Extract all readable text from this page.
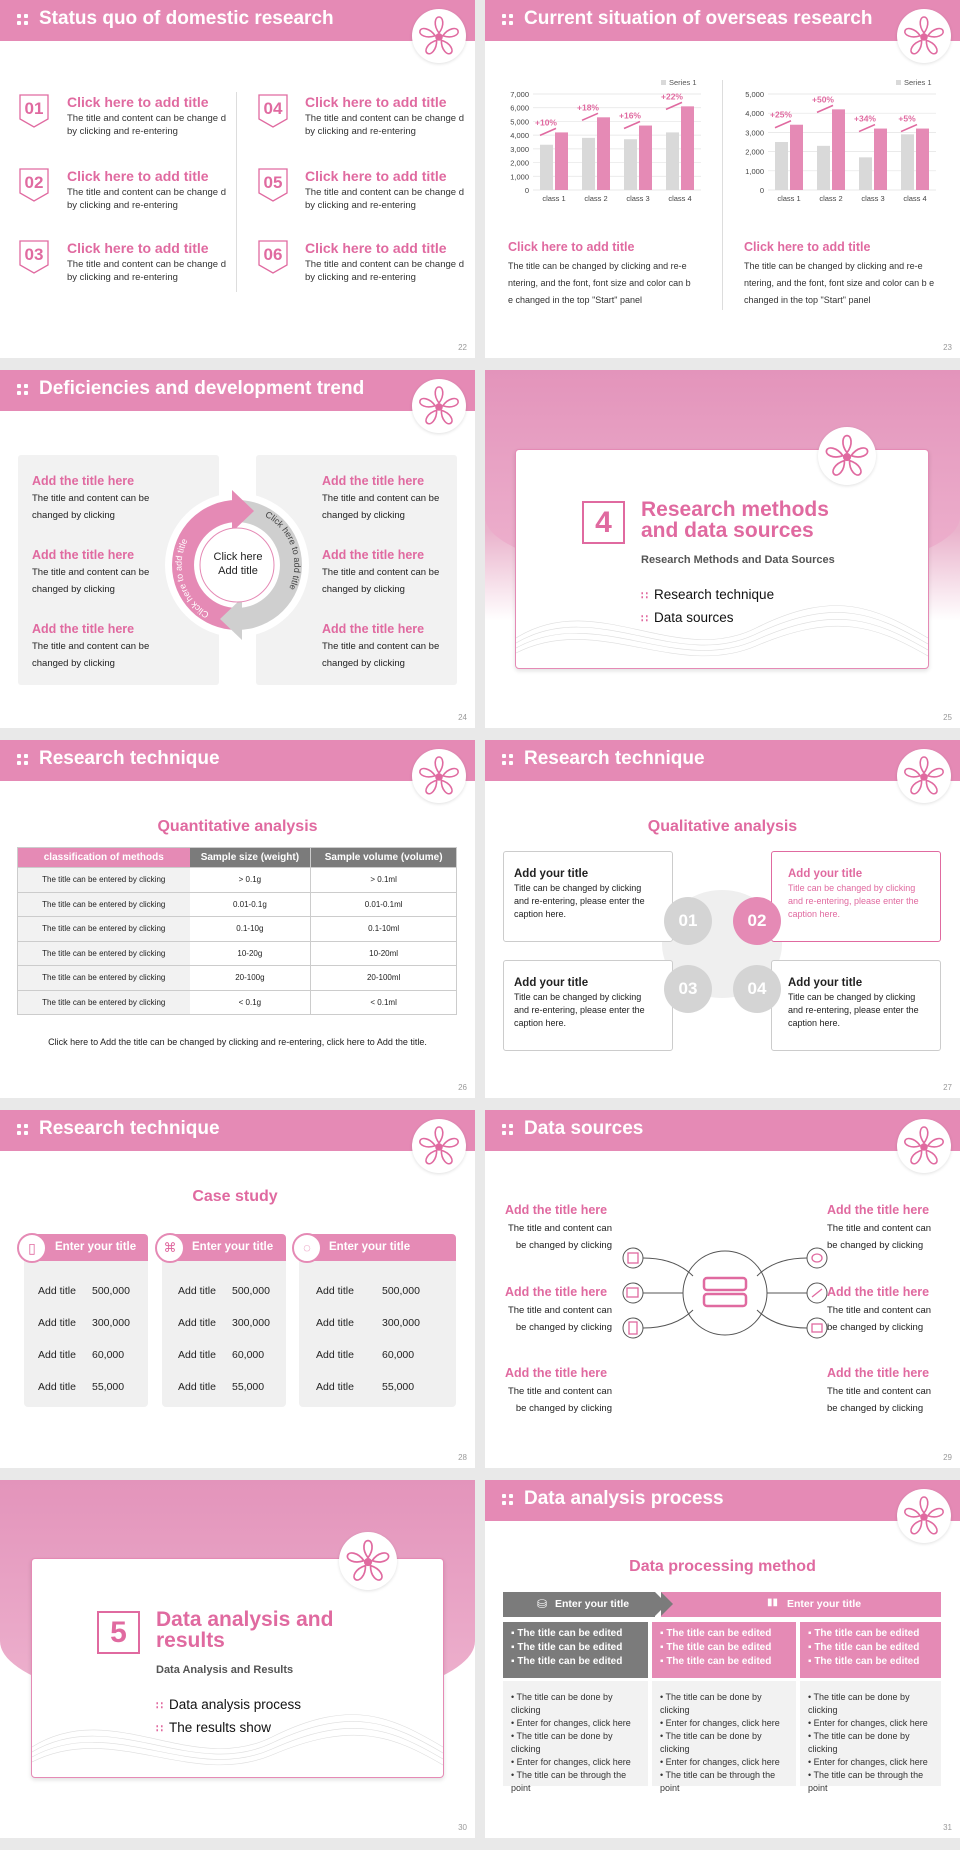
Status quo of domestic research
01	Click here to add title
The title and content can be change d by clicking and re-entering
02	Click here to add title
The title and content can be change d by clicking and re-entering
03	Click here to add title
The title and content can be change d by clicking and re-entering
04	Click here to add title
The title and content can be change d by clicking and re-entering
05	Click here to add title
The title and content can be change d by clicking and re-entering
06	Click here to add title
The title and content can be change d by clicking and re-entering
22
Current situation of overseas research
0
1,000
2,000
3,000
4,000
5,000
6,000
7,000
class 1
+10%
class 2
+18%
class 3
+16%
class 4
+22%
Series 1
0
1,000
2,000
3,000
4,000
5,000
class 1
+25%
class 2
+50%
class 3
+34%
class 4
+5%
Series 1
Click here to add title
The title can be changed by clicking and re-e ntering, and the font, font size and color can b e changed in the top "Start" panel
Click here to add title
The title can be changed by clicking and re-e ntering, and the font, font size and color can b e changed in the top "Start" panel
23
Deficiencies and development trend
Add the title here
The title and content can be changed by clicking
Add the title here
The title and content can be changed by clicking
Add the title here
The title and content can be changed by clicking
Add the title here
The title and content can be changed by clicking
Add the title here
The title and content can be changed by clicking
Add the title here
The title and content can be changed by clicking
Click here to add title
Click here to add title
Click here Add title
24
4	Research methods and data sources
Research Methods and Data Sources
∷ Research technique
∷ Data sources
25
Research technique
Quantitative analysis
classification of methods	Sample size (weight)	Sample volume (volume)
The title can be entered by clicking	> 0.1g	> 0.1ml
The title can be entered by clicking	0.01-0.1g	0.01-0.1ml
The title can be entered by clicking	0.1-10g	0.1-10ml
The title can be entered by clicking	10-20g	10-20ml
The title can be entered by clicking	20-100g	20-100ml
The title can be entered by clicking	< 0.1g	< 0.1ml
Click here to Add the title can be changed by clicking and re-entering, click here to Add the title.
26
Research technique
Qualitative analysis
Add your title
Title can be changed by clicking and re-entering, please enter the caption here.
Add your title
Title can be changed by clicking and re-entering, please enter the caption here.
Add your title
Title can be changed by clicking and re-entering, please enter the caption here.
Add your title
Title can be changed by clicking and re-entering, please enter the caption here.
01	02
03	04
27
Research technique
Case study
Enter your title
▯
Add title 500,000
Add title 300,000
Add title 60,000
Add title 55,000
Enter your title
⌘
Add title 500,000
Add title 300,000
Add title 60,000
Add title 55,000
Enter your title
◌
Add title	500,000
Add title	300,000
Add title	60,000
Add title	55,000
28
Data sources
Add the title here
The title and content can be changed by clicking
Add the title here
The title and content can be changed by clicking
Add the title here
The title and content can be changed by clicking
Add the title here
The title and content can be changed by clicking
Add the title here
The title and content can be changed by clicking
Add the title here
The title and content can be changed by clicking
29
5	Data analysis and results
Data Analysis and Results
∷ Data analysis process
∷ The results show
30
Data analysis process
Data processing method
⛁ Enter your title	▮▮ Enter your title
▪ The title can be edited
▪ The title can be edited
▪ The title can be edited
• The title can be done by clicking
• Enter for changes, click here
• The title can be done by clicking
• Enter for changes, click here
• The title can be through the point
▪ The title can be edited
▪ The title can be edited
▪ The title can be edited
• The title can be done by clicking
• Enter for changes, click here
• The title can be done by clicking
• Enter for changes, click here
• The title can be through the point
▪ The title can be edited
▪ The title can be edited
▪ The title can be edited
• The title can be done by clicking
• Enter for changes, click here
• The title can be done by clicking
• Enter for changes, click here
• The title can be through the point
31
